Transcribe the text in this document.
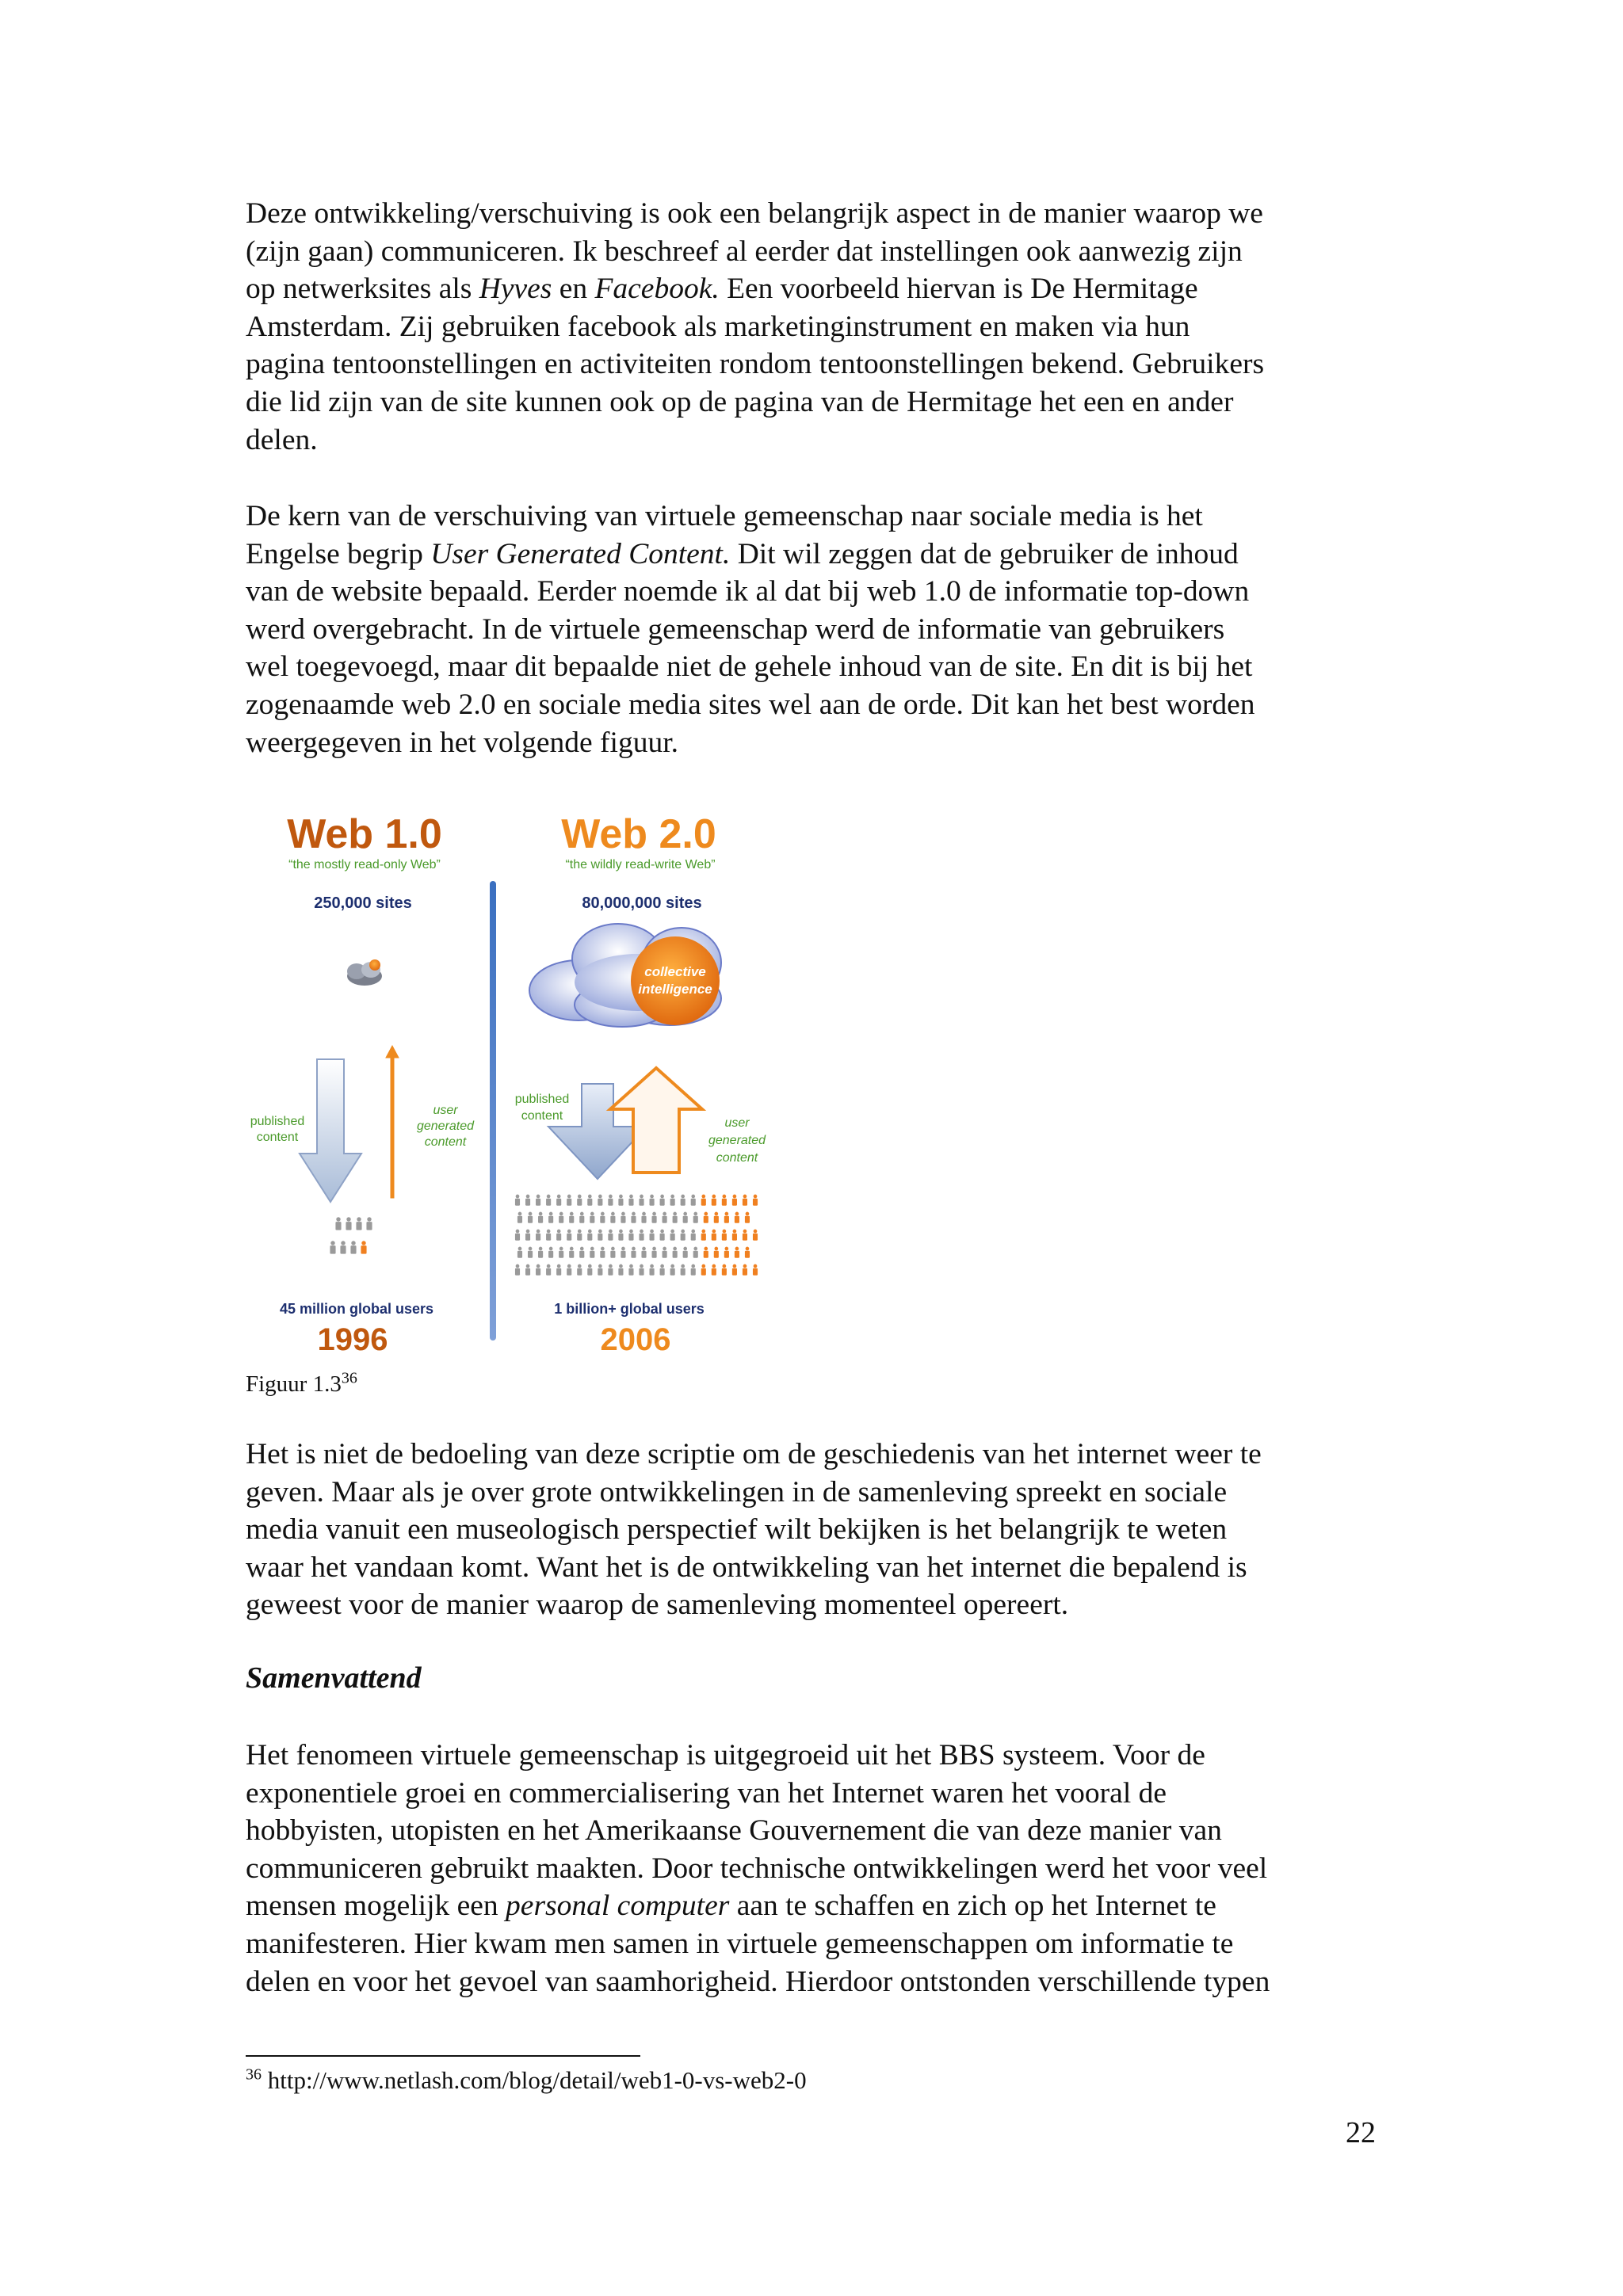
Deze ontwikkeling/verschuiving is ook een belangrijk aspect in de manier waarop we
(zijn gaan) communiceren. Ik beschreef al eerder dat instellingen ook aanwezig zijn
op netwerksites als Hyves en Facebook. Een voorbeeld hiervan is De Hermitage
Amsterdam. Zij gebruiken facebook als marketinginstrument en maken via hun
pagina tentoonstellingen en activiteiten rondom tentoonstellingen bekend. Gebruikers
die lid zijn van de site kunnen ook op de pagina van de Hermitage het een en ander
delen.
De kern van de verschuiving van virtuele gemeenschap naar sociale media is het
Engelse begrip User Generated Content. Dit wil zeggen dat de gebruiker de inhoud
van de website bepaald. Eerder noemde ik al dat bij web 1.0 de informatie top-down
werd overgebracht. In de virtuele gemeenschap werd de informatie van gebruikers
wel toegevoegd, maar dit bepaalde niet de gehele inhoud van de site. En dit is bij het
zogenaamde web 2.0 en sociale media sites wel aan de orde. Dit kan het best worden
weergegeven in het volgende figuur.
Web 1.0
“the mostly read-only Web”
250,000 sites
published
content
user
generated
content
45 million global users
1996
Web 2.0
“the wildly read-write Web”
80,000,000 sites
collective
intelligence
published
content
user
generated
content
1 billion+ global users
2006
Figuur $1.3^{36}$
Het is niet de bedoeling van deze scriptie om de geschiedenis van het internet weer te
geven. Maar als je over grote ontwikkelingen in de samenleving spreekt en sociale
media vanuit een museologisch perspectief wilt bekijken is het belangrijk te weten
waar het vandaan komt. Want het is de ontwikkeling van het internet die bepalend is
geweest voor de manier waarop de samenleving momenteel opereert.
Samenvattend
Het fenomeen virtuele gemeenschap is uitgegroeid uit het BBS systeem. Voor de
exponentiele groei en commercialisering van het Internet waren het vooral de
hobbyisten, utopisten en het Amerikaanse Gouvernement die van deze manier van
communiceren gebruikt maakten. Door technische ontwikkelingen werd het voor veel
mensen mogelijk een personal computer aan te schaffen en zich op het Internet te
manifesteren. Hier kwam men samen in virtuele gemeenschappen om informatie te
delen en voor het gevoel van saamhorigheid. Hierdoor ontstonden verschillende typen
$^{36}$ http://www.netlash.com/blog/detail/web1-0-vs-web2-0
22
